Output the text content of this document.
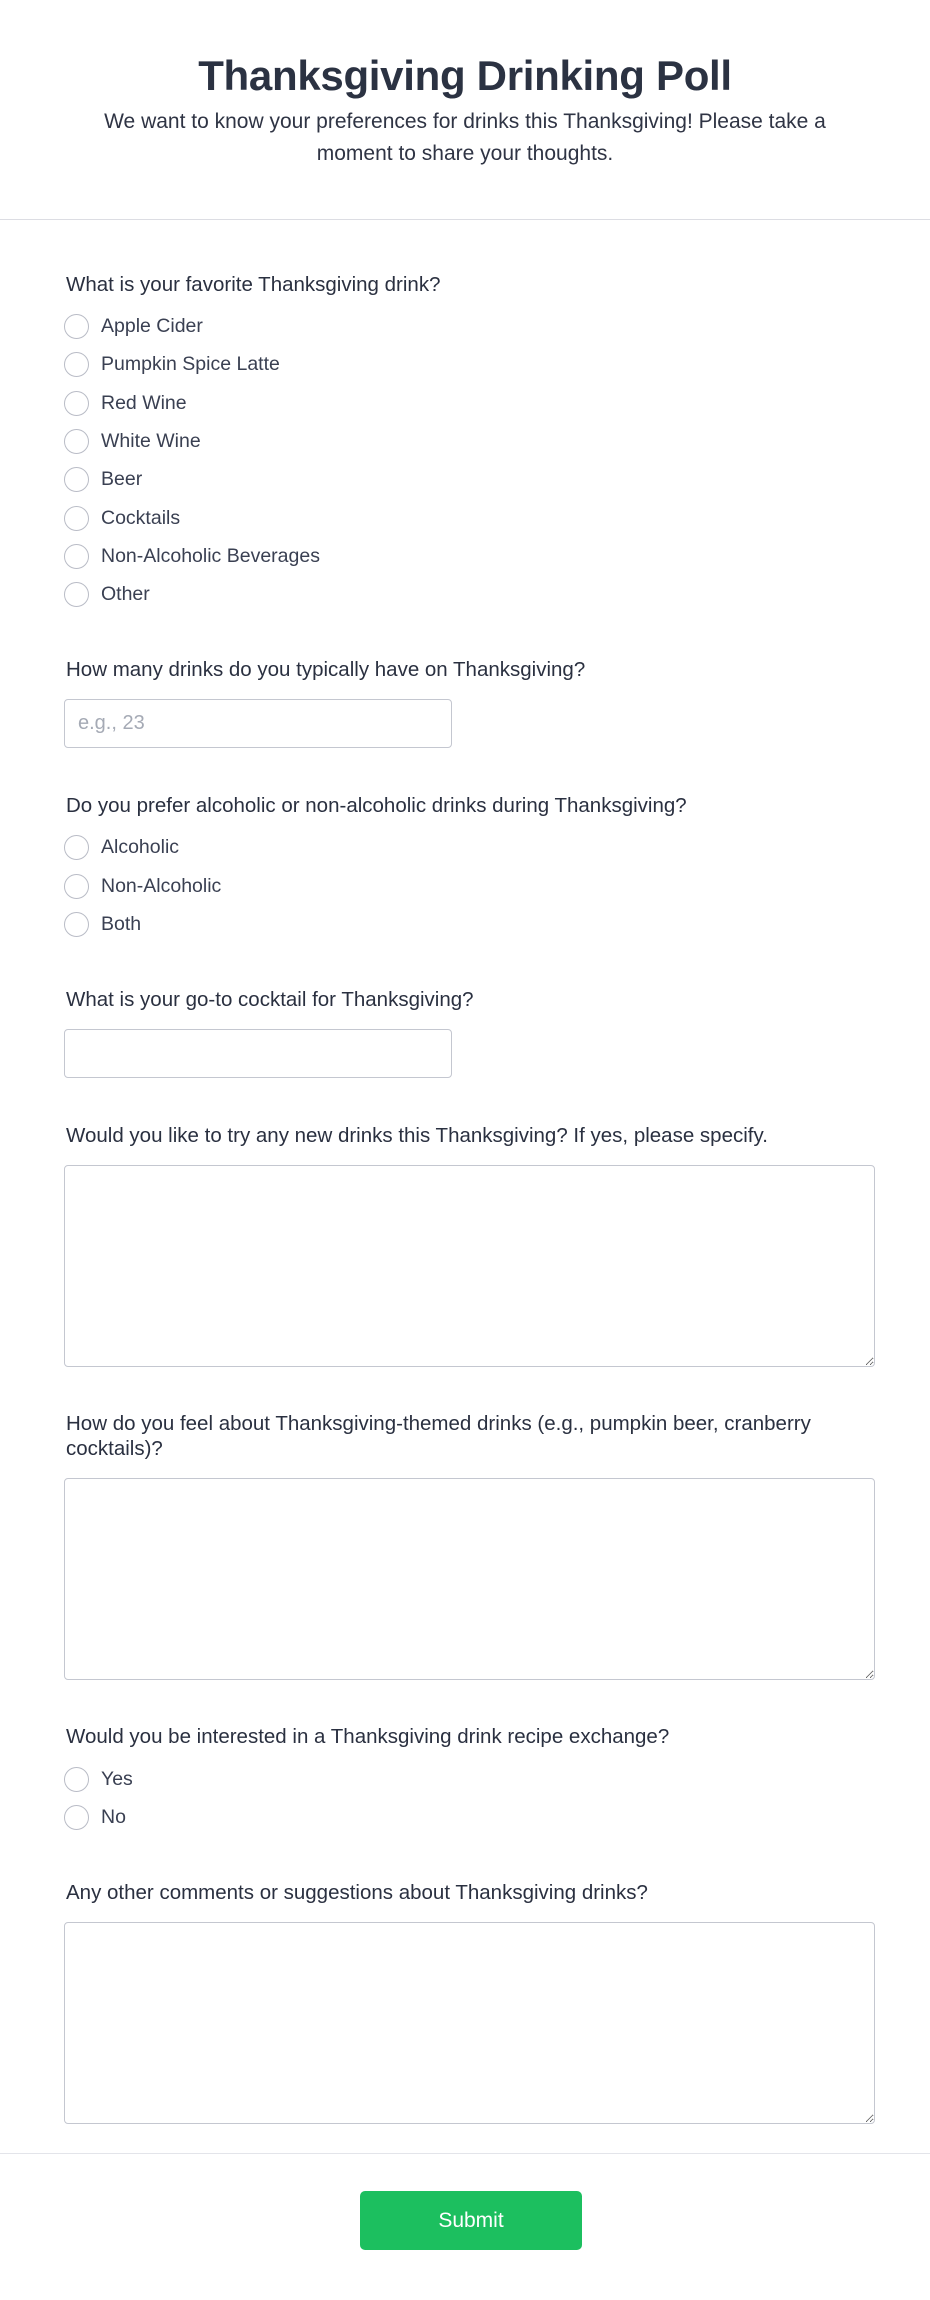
Thanksgiving Drinking Poll

We want to know your preferences for drinks this Thanksgiving! Please take a moment to share your thoughts.

What is your favorite Thanksgiving drink?
Apple Cider
Pumpkin Spice Latte
Red Wine
White Wine
Beer
Cocktails
Non-Alcoholic Beverages
Other
How many drinks do you typically have on Thanksgiving?
e.g., 23
Do you prefer alcoholic or non-alcoholic drinks during Thanksgiving?
Alcoholic
Non-Alcoholic
Both
What is your go-to cocktail for Thanksgiving?
Would you like to try any new drinks this Thanksgiving? If yes, please specify.
How do you feel about Thanksgiving-themed drinks (e.g., pumpkin beer, cranberry cocktails)?
Would you be interested in a Thanksgiving drink recipe exchange?
Yes
No
Any other comments or suggestions about Thanksgiving drinks?
Submit
